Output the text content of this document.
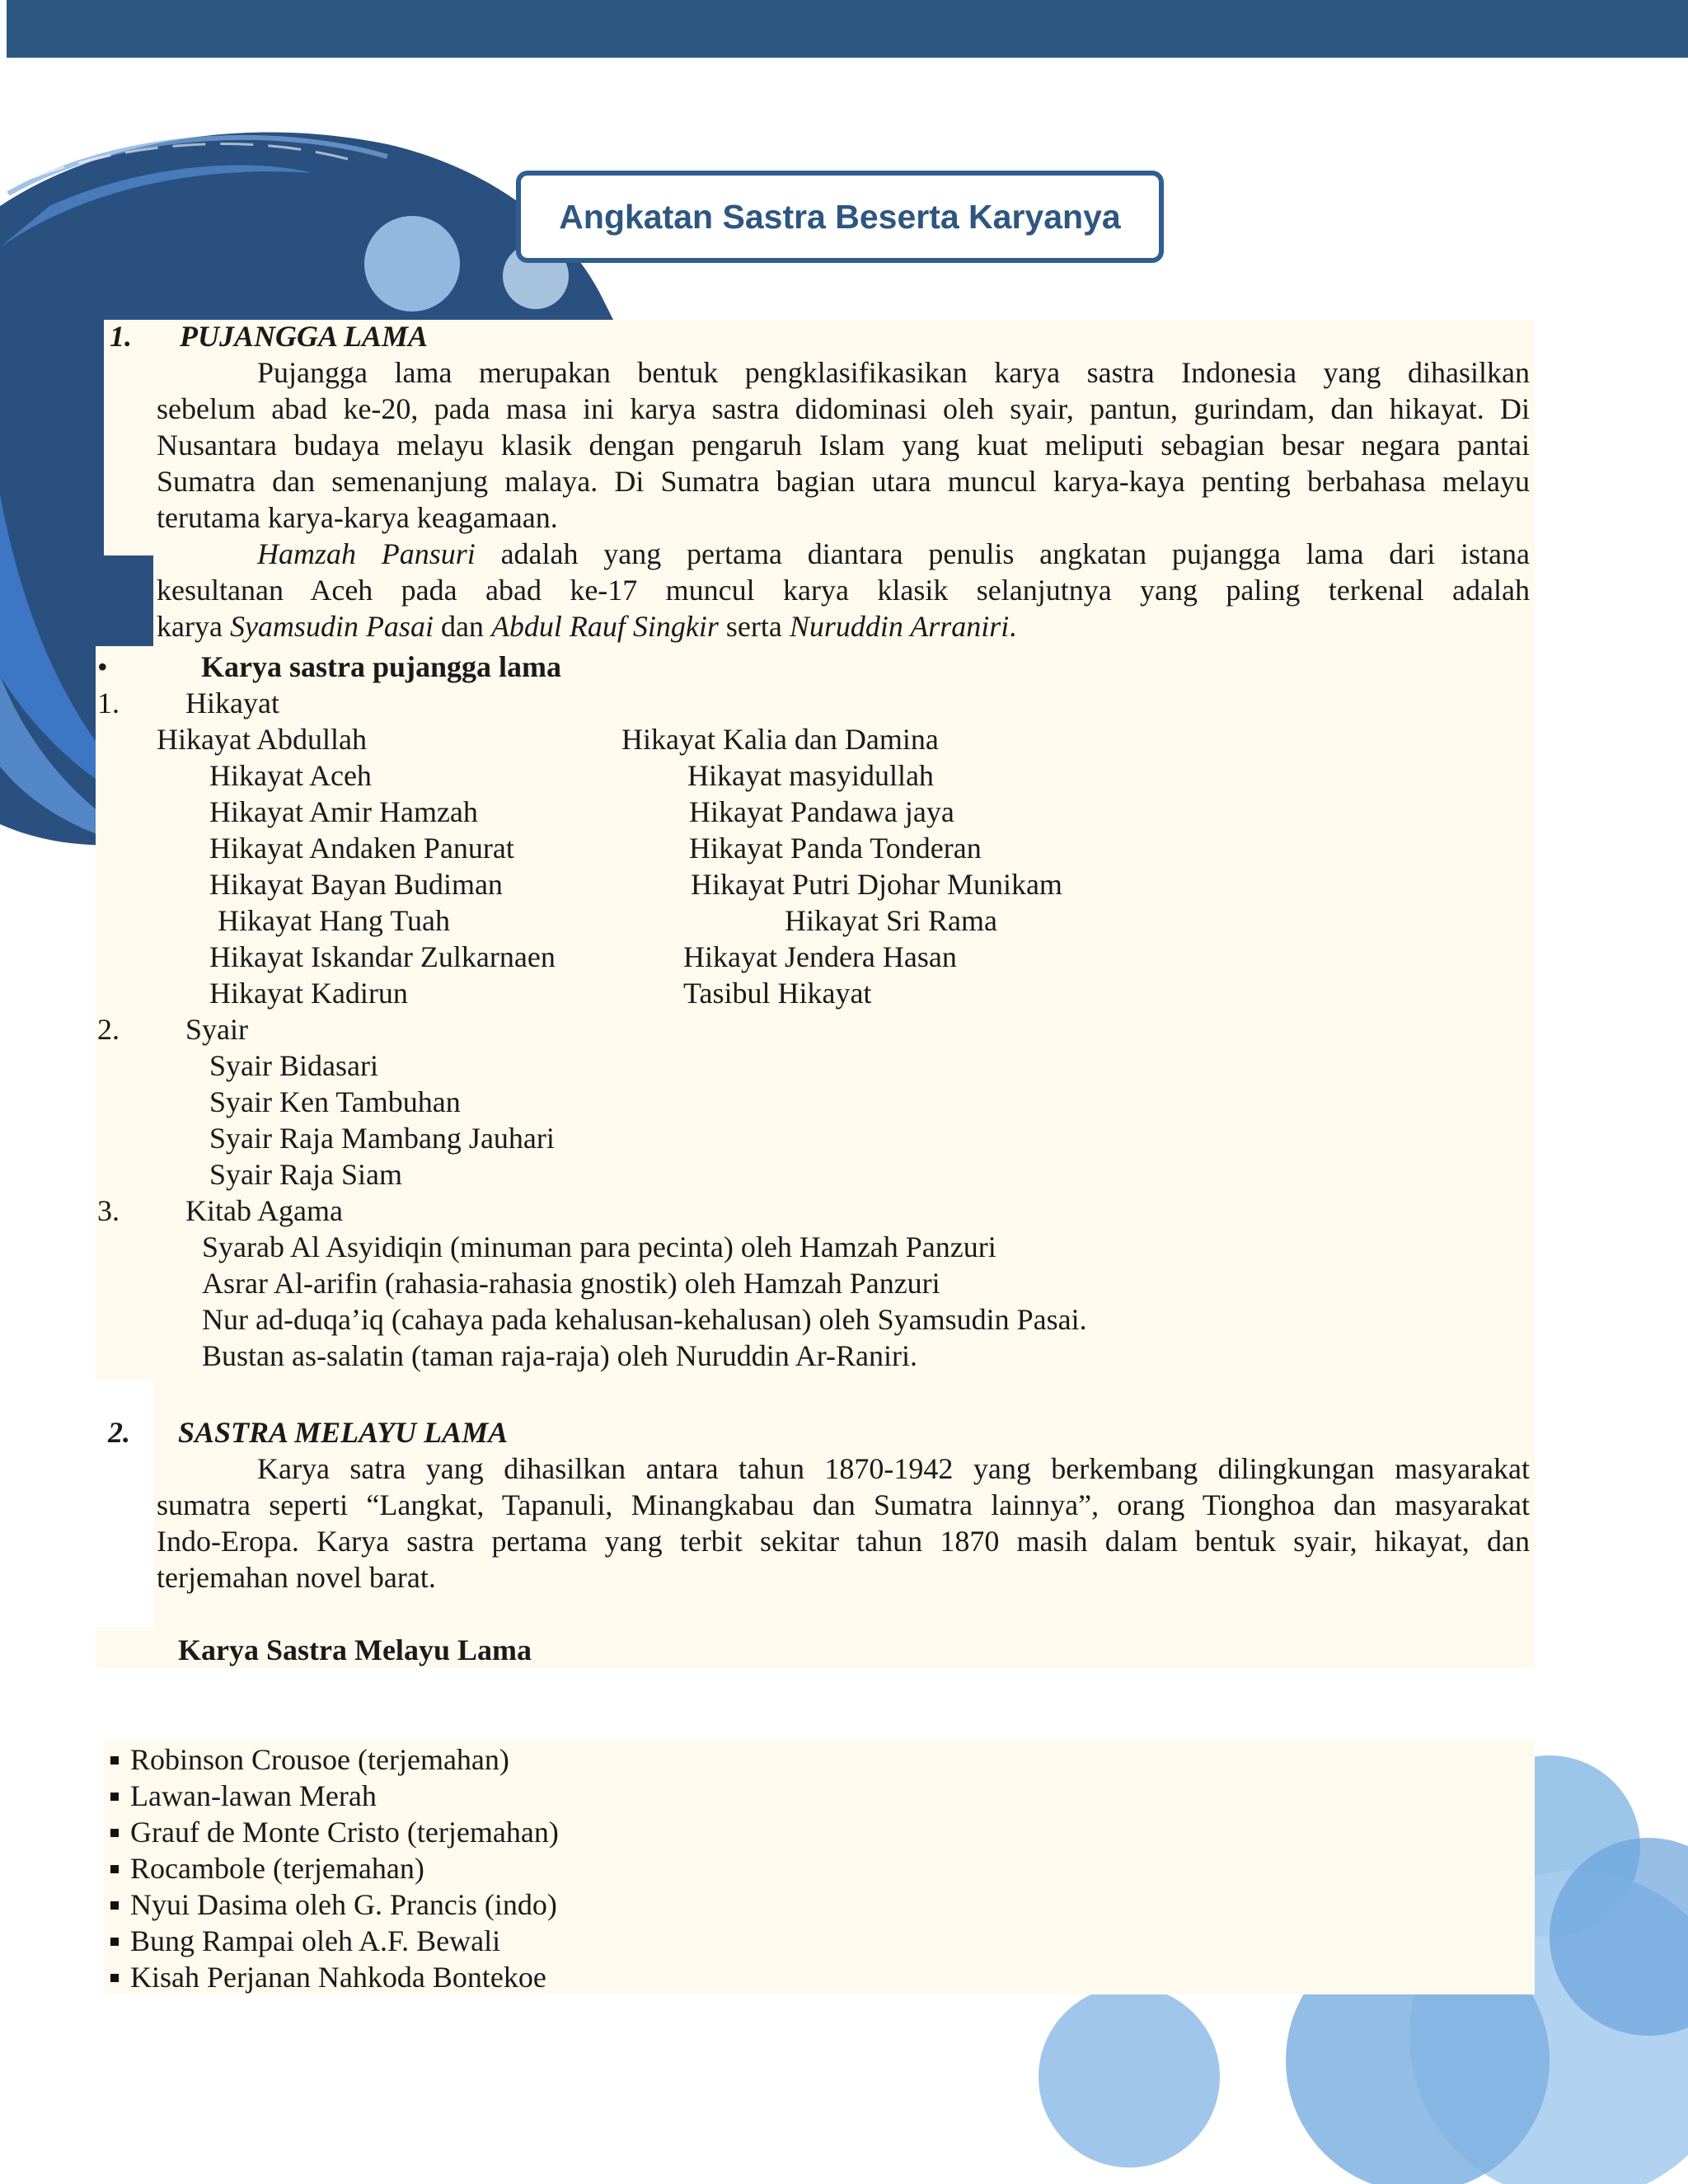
Angkatan Sastra Beserta Karyanya
1. PUJANGGA LAMA
Pujangga lama merupakan bentuk pengklasifikasikan karya sastra Indonesia yang dihasilkan
sebelum abad ke-20, pada masa ini karya sastra didominasi oleh syair, pantun, gurindam, dan hikayat. Di
Nusantara budaya melayu klasik dengan pengaruh Islam yang kuat meliputi sebagian besar negara pantai
Sumatra dan semenanjung malaya. Di Sumatra bagian utara muncul karya-kaya penting berbahasa melayu
terutama karya-karya keagamaan.
Hamzah Pansuri adalah yang pertama diantara penulis angkatan pujangga lama dari istana
kesultanan Aceh pada abad ke-17 muncul karya klasik selanjutnya yang paling terkenal adalah
karya Syamsudin Pasai dan Abdul Rauf Singkir serta Nuruddin Arraniri.
•	Karya sastra pujangga lama
1. Hikayat
Hikayat Abdullah
Hikayat Aceh
Hikayat Amir Hamzah
Hikayat Andaken Panurat
Hikayat Bayan Budiman
Hikayat Hang Tuah
Hikayat Iskandar Zulkarnaen
Hikayat Kadirun
Hikayat Kalia dan Damina
Hikayat masyidullah
Hikayat Pandawa jaya
Hikayat Panda Tonderan
Hikayat Putri Djohar Munikam
Hikayat Sri Rama
Hikayat Jendera Hasan
Tasibul Hikayat
2. Syair
Syair Bidasari
Syair Ken Tambuhan
Syair Raja Mambang Jauhari
Syair Raja Siam
3. Kitab Agama
Syarab Al Asyidiqin (minuman para pecinta) oleh Hamzah Panzuri
Asrar Al-arifin (rahasia-rahasia gnostik) oleh Hamzah Panzuri
Nur ad-duqa’iq (cahaya pada kehalusan-kehalusan) oleh Syamsudin Pasai.
Bustan as-salatin (taman raja-raja) oleh Nuruddin Ar-Raniri.
2. SASTRA MELAYU LAMA
Karya satra yang dihasilkan antara tahun 1870-1942 yang berkembang dilingkungan masyarakat
sumatra seperti “Langkat, Tapanuli, Minangkabau dan Sumatra lainnya”, orang Tionghoa dan masyarakat
Indo-Eropa. Karya sastra pertama yang terbit sekitar tahun 1870 masih dalam bentuk syair, hikayat, dan
terjemahan novel barat.
Karya Sastra Melayu Lama
Robinson Crousoe (terjemahan)
Lawan-lawan Merah
Grauf de Monte Cristo (terjemahan)
Rocambole (terjemahan)
Nyui Dasima oleh G. Prancis (indo)
Bung Rampai oleh A.F. Bewali
Kisah Perjanan Nahkoda Bontekoe
